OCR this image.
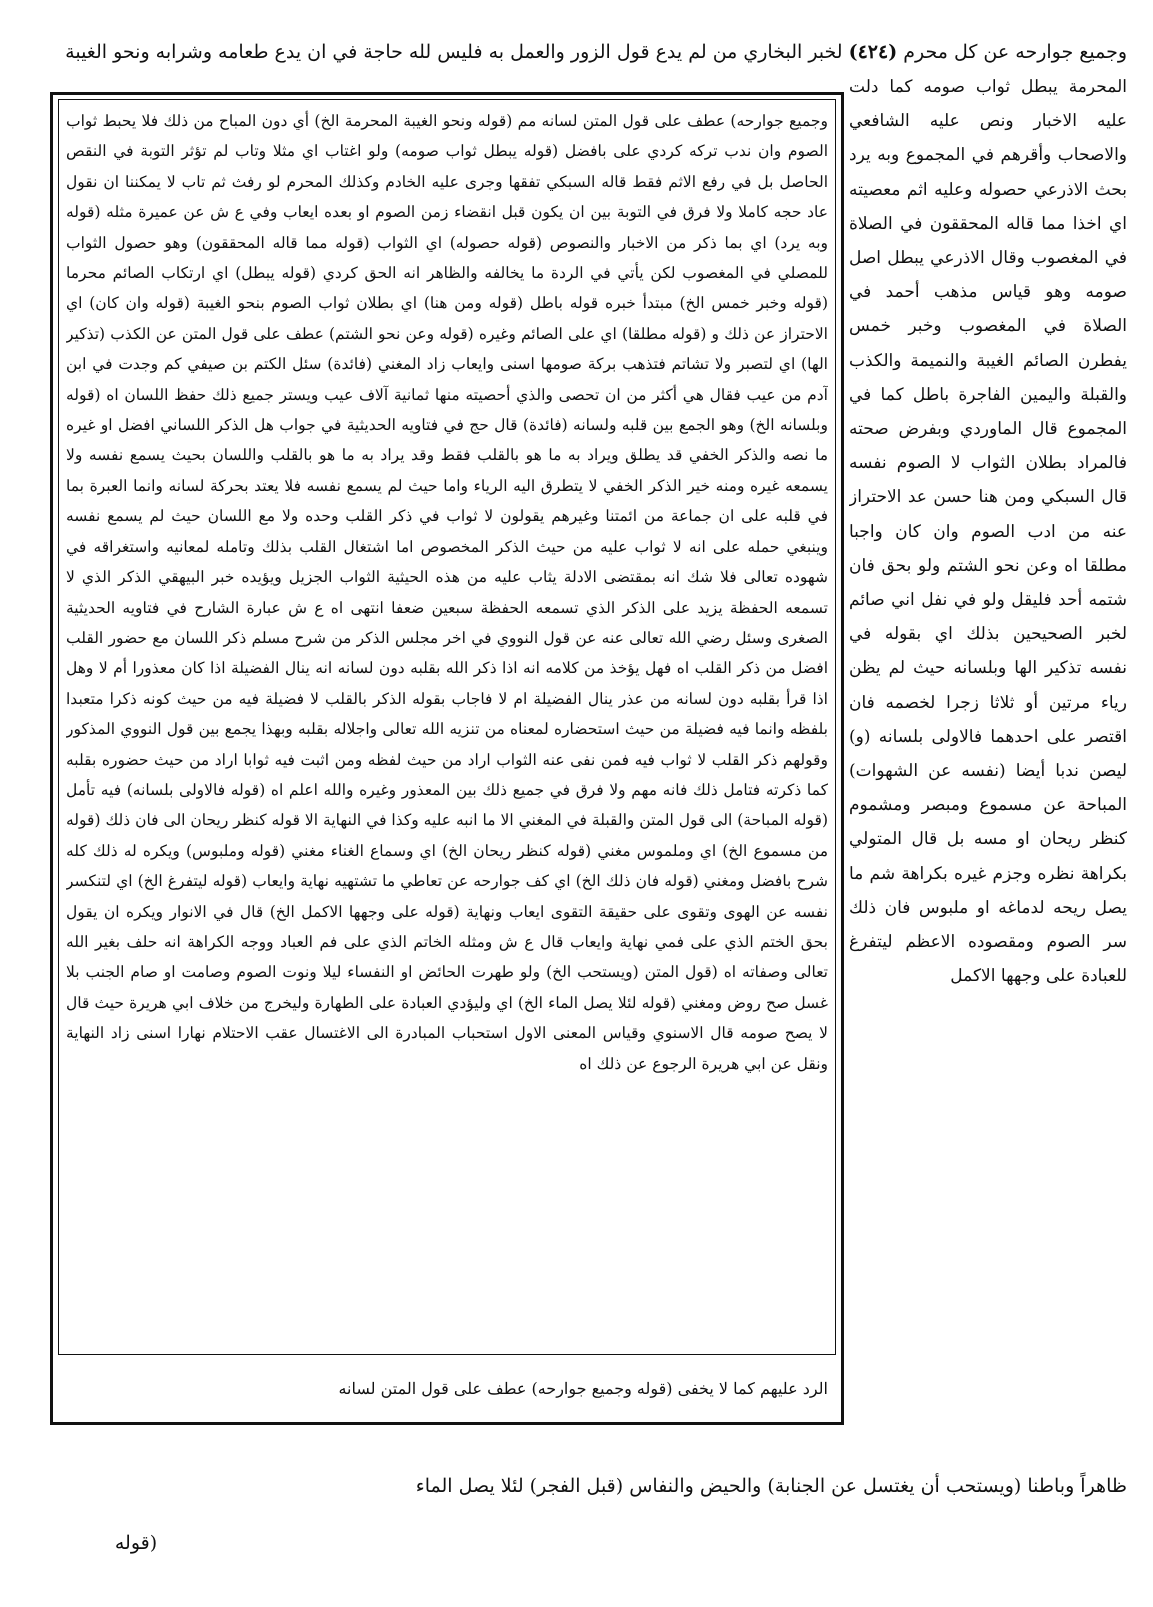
وجميع جوارحه عن كل محرم
(٤٢٤)
لخبر البخاري من لم يدع قول الزور والعمل به فليس لله حاجة في ان يدع طعامه وشرابه ونحو الغيبة

المحرمة يبطل ثواب صومه كما دلت عليه الاخبار ونص عليه الشافعي والاصحاب وأقرهم في المجموع وبه يرد بحث الاذرعي حصوله وعليه اثم معصيته اي اخذا مما قاله المحققون في الصلاة في المغصوب وقال الاذرعي يبطل اصل صومه وهو قياس مذهب أحمد في الصلاة في المغصوب وخبر خمس يفطرن الصائم الغيبة والنميمة والكذب والقبلة واليمين الفاجرة باطل كما في المجموع قال الماوردي وبفرض صحته فالمراد بطلان الثواب لا الصوم نفسه قال السبكي ومن هنا حسن عد الاحتراز عنه من ادب الصوم وان كان واجبا مطلقا اه وعن نحو الشتم ولو بحق فان شتمه أحد فليقل ولو في نفل اني صائم لخبر الصحيحين بذلك اي بقوله في نفسه تذكير الها وبلسانه حيث لم يظن رياء مرتين أو ثلاثا زجرا لخصمه فان اقتصر على احدهما فالاولى بلسانه (و) ليصن ندبا أيضا (نفسه عن الشهوات) المباحة عن مسموع ومبصر ومشموم كنظر ريحان او مسه بل قال المتولي بكراهة نظره وجزم غيره بكراهة شم ما يصل ريحه لدماغه او ملبوس فان ذلك سر الصوم ومقصوده الاعظم ليتفرغ للعبادة على وجهها الاكمل

وجميع جوارحه) عطف على قول المتن لسانه مم (قوله ونحو الغيبة المحرمة الخ) أي دون المباح من ذلك فلا يحبط ثواب الصوم وان ندب تركه كردي على بافضل (قوله يبطل ثواب صومه) ولو اغتاب اي مثلا وتاب لم تؤثر التوبة في النقص الحاصل بل في رفع الاثم فقط قاله السبكي تفقها وجرى عليه الخادم وكذلك المحرم لو رفث ثم تاب لا يمكننا ان نقول عاد حجه كاملا ولا فرق في التوبة بين ان يكون قبل انقضاء زمن الصوم او بعده ايعاب وفي ع ش عن عميرة مثله (قوله وبه يرد) اي بما ذكر من الاخبار والنصوص (قوله حصوله) اي الثواب (قوله مما قاله المحققون) وهو حصول الثواب للمصلي في المغصوب لكن يأتي في الردة ما يخالفه والظاهر انه الحق كردي (قوله يبطل) اي ارتكاب الصائم محرما (قوله وخبر خمس الخ) مبتدأ خبره قوله باطل (قوله ومن هنا) اي بطلان ثواب الصوم بنحو الغيبة (قوله وان كان) اي الاحتراز عن ذلك و (قوله مطلقا) اي على الصائم وغيره (قوله وعن نحو الشتم) عطف على قول المتن عن الكذب (تذكير الها) اي لتصبر ولا تشاتم فتذهب بركة صومها اسنى وايعاب زاد المغني (فائدة) سئل الكتم بن صيفي كم وجدت في ابن آدم من عيب فقال هي أكثر من ان تحصى والذي أحصيته منها ثمانية آلاف عيب ويستر جميع ذلك حفظ اللسان اه (قوله وبلسانه الخ) وهو الجمع بين قلبه ولسانه (فائدة) قال حج في فتاويه الحديثية في جواب هل الذكر اللساني افضل او غيره ما نصه والذكر الخفي قد يطلق ويراد به ما هو بالقلب فقط وقد يراد به ما هو بالقلب واللسان بحيث يسمع نفسه ولا يسمعه غيره ومنه خير الذكر الخفي لا يتطرق اليه الرياء واما حيث لم يسمع نفسه فلا يعتد بحركة لسانه وانما العبرة بما في قلبه على ان جماعة من ائمتنا وغيرهم يقولون لا ثواب في ذكر القلب وحده ولا مع اللسان حيث لم يسمع نفسه وينبغي حمله على انه لا ثواب عليه من حيث الذكر المخصوص اما اشتغال القلب بذلك وتامله لمعانيه واستغراقه في شهوده تعالى فلا شك انه بمقتضى الادلة يثاب عليه من هذه الحيثية الثواب الجزيل ويؤيده خبر البيهقي الذكر الذي لا تسمعه الحفظة يزيد على الذكر الذي تسمعه الحفظة سبعين ضعفا انتهى اه ع ش عبارة الشارح في فتاويه الحديثية الصغرى وسئل رضي الله تعالى عنه عن قول النووي في اخر مجلس الذكر من شرح مسلم ذكر اللسان مع حضور القلب افضل من ذكر القلب اه فهل يؤخذ من كلامه انه اذا ذكر الله بقلبه دون لسانه انه ينال الفضيلة اذا كان معذورا أم لا وهل اذا قرأ بقلبه دون لسانه من عذر ينال الفضيلة ام لا فاجاب بقوله الذكر بالقلب لا فضيلة فيه من حيث كونه ذكرا متعبدا بلفظه وانما فيه فضيلة من حيث استحضاره لمعناه من تنزيه الله تعالى واجلاله بقلبه وبهذا يجمع بين قول النووي المذكور وقولهم ذكر القلب لا ثواب فيه فمن نفى عنه الثواب اراد من حيث لفظه ومن اثبت فيه ثوابا اراد من حيث حضوره بقلبه كما ذكرته فتامل ذلك فانه مهم ولا فرق في جميع ذلك بين المعذور وغيره والله اعلم اه (قوله فالاولى بلسانه) فيه تأمل (قوله المباحة) الى قول المتن والقبلة في المغني الا ما انبه عليه وكذا في النهاية الا قوله كنظر ريحان الى فان ذلك (قوله من مسموع الخ) اي وملموس مغني (قوله كنظر ريحان الخ) اي وسماع الغناء مغني (قوله وملبوس) ويكره له ذلك كله شرح بافضل ومغني (قوله فان ذلك الخ) اي كف جوارحه عن تعاطي ما تشتهيه نهاية وايعاب (قوله ليتفرغ الخ) اي لتنكسر نفسه عن الهوى وتقوى على حقيقة التقوى ايعاب ونهاية (قوله على وجهها الاكمل الخ) قال في الانوار ويكره ان يقول بحق الختم الذي على فمي نهاية وايعاب قال ع ش ومثله الخاتم الذي على فم العباد ووجه الكراهة انه حلف بغير الله تعالى وصفاته اه (قول المتن (ويستحب الخ) ولو طهرت الحائض او النفساء ليلا ونوت الصوم وصامت او صام الجنب بلا غسل صح روض ومغني (قوله لئلا يصل الماء الخ) اي وليؤدي العبادة على الطهارة وليخرج من خلاف ابي هريرة حيث قال لا يصح صومه قال الاسنوي وقياس المعنى الاول استحباب المبادرة الى الاغتسال عقب الاحتلام نهارا اسنى زاد النهاية ونقل عن ابي هريرة الرجوع عن ذلك اه

الرد عليهم كما لا يخفى (قوله وجميع جوارحه) عطف على قول المتن لسانه
ظاهراً وباطنا (ويستحب أن يغتسل عن الجنابة) والحيض والنفاس (قبل الفجر) لئلا يصل الماء
(قوله
